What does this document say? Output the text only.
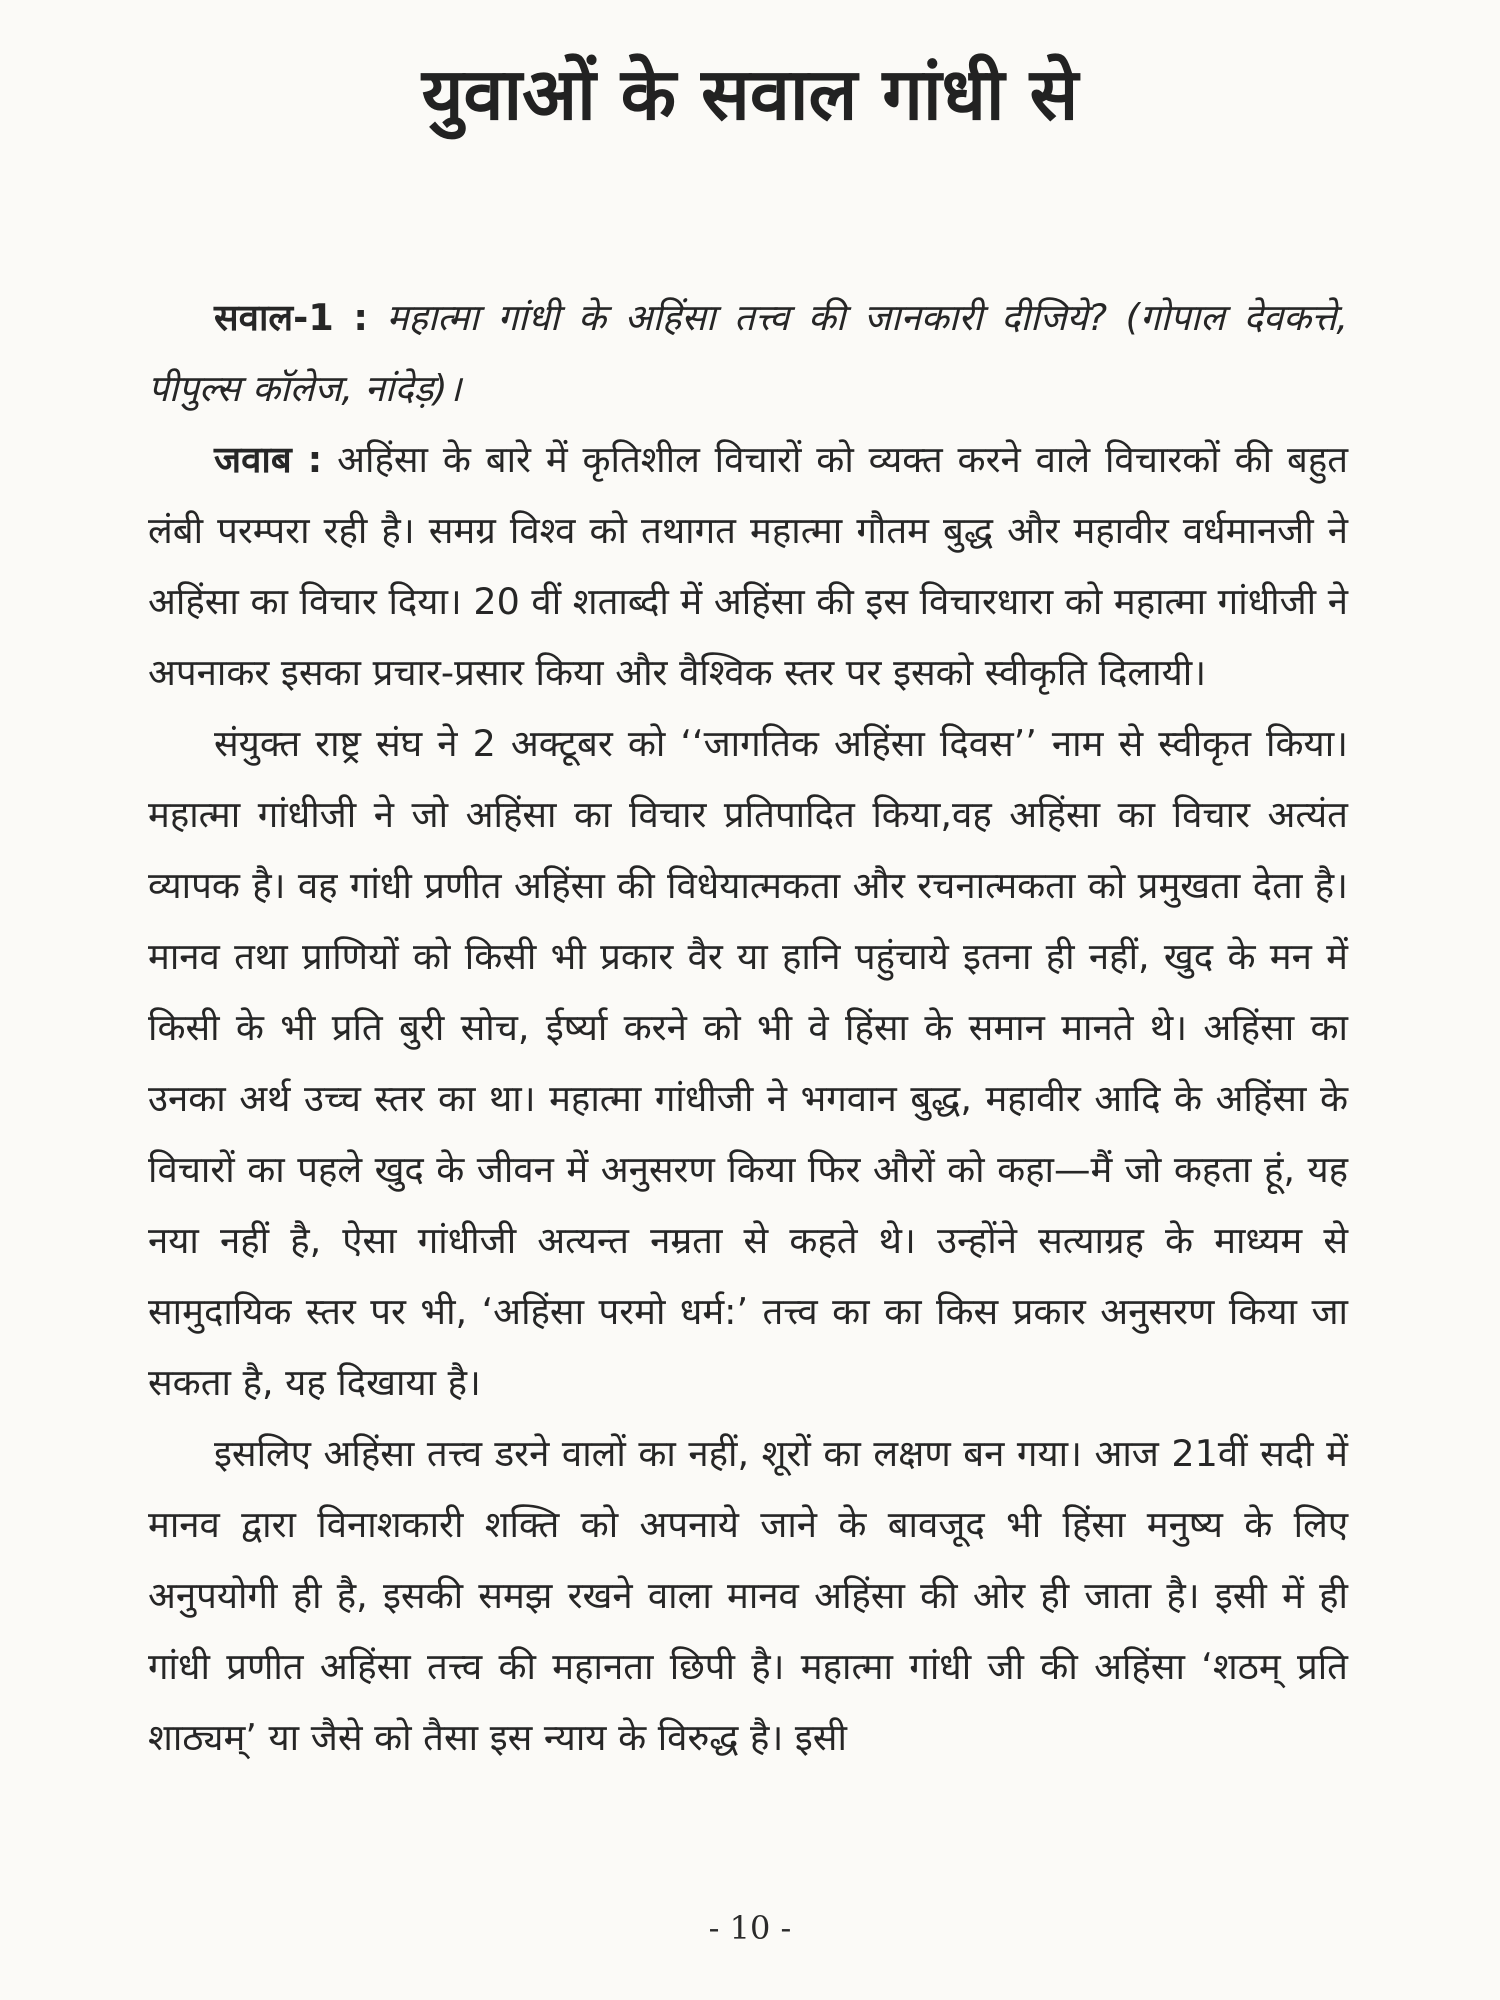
युवाओं के सवाल गांधी से

सवाल-1 : महात्मा गांधी के अहिंसा तत्त्व की जानकारी दीजिये? (गोपाल देवकत्ते, पीपुल्स कॉलेज, नांदेड़)।

जवाब : अहिंसा के बारे में कृतिशील विचारों को व्यक्त करने वाले विचारकों की बहुत लंबी परम्परा रही है। समग्र विश्व को तथागत महात्मा गौतम बुद्ध और महावीर वर्धमानजी ने अहिंसा का विचार दिया। 20 वीं शताब्दी में अहिंसा की इस विचारधारा को महात्मा गांधीजी ने अपनाकर इसका प्रचार-प्रसार किया और वैश्विक स्तर पर इसको स्वीकृति दिलायी।

संयुक्त राष्ट्र संघ ने 2 अक्टूबर को ‘‘जागतिक अहिंसा दिवस’’ नाम से स्वीकृत किया। महात्मा गांधीजी ने जो अहिंसा का विचार प्रतिपादित किया,वह अहिंसा का विचार अत्यंत व्यापक है। वह गांधी प्रणीत अहिंसा की विधेयात्मकता और रचनात्मकता को प्रमुखता देता है। मानव तथा प्राणियों को किसी भी प्रकार वैर या हानि पहुंचाये इतना ही नहीं, खुद के मन में किसी के भी प्रति बुरी सोच, ईर्ष्या करने को भी वे हिंसा के समान मानते थे। अहिंसा का उनका अर्थ उच्च स्तर का था। महात्मा गांधीजी ने भगवान बुद्ध, महावीर आदि के अहिंसा के विचारों का पहले खुद के जीवन में अनुसरण किया फिर औरों को कहा—मैं जो कहता हूं, यह नया नहीं है, ऐसा गांधीजी अत्यन्त नम्रता से कहते थे। उन्होंने सत्याग्रह के माध्यम से सामुदायिक स्तर पर भी, ‘अहिंसा परमो धर्म:’ तत्त्व का का किस प्रकार अनुसरण किया जा सकता है, यह दिखाया है।

इसलिए अहिंसा तत्त्व डरने वालों का नहीं, शूरों का लक्षण बन गया। आज 21वीं सदी में मानव द्वारा विनाशकारी शक्ति को अपनाये जाने के बावजूद भी हिंसा मनुष्य के लिए अनुपयोगी ही है, इसकी समझ रखने वाला मानव अहिंसा की ओर ही जाता है। इसी में ही गांधी प्रणीत अहिंसा तत्त्व की महानता छिपी है। महात्मा गांधी जी की अहिंसा ‘शठम् प्रति शाठ्यम्’ या जैसे को तैसा इस न्याय के विरुद्ध है। इसी

- 10 -
